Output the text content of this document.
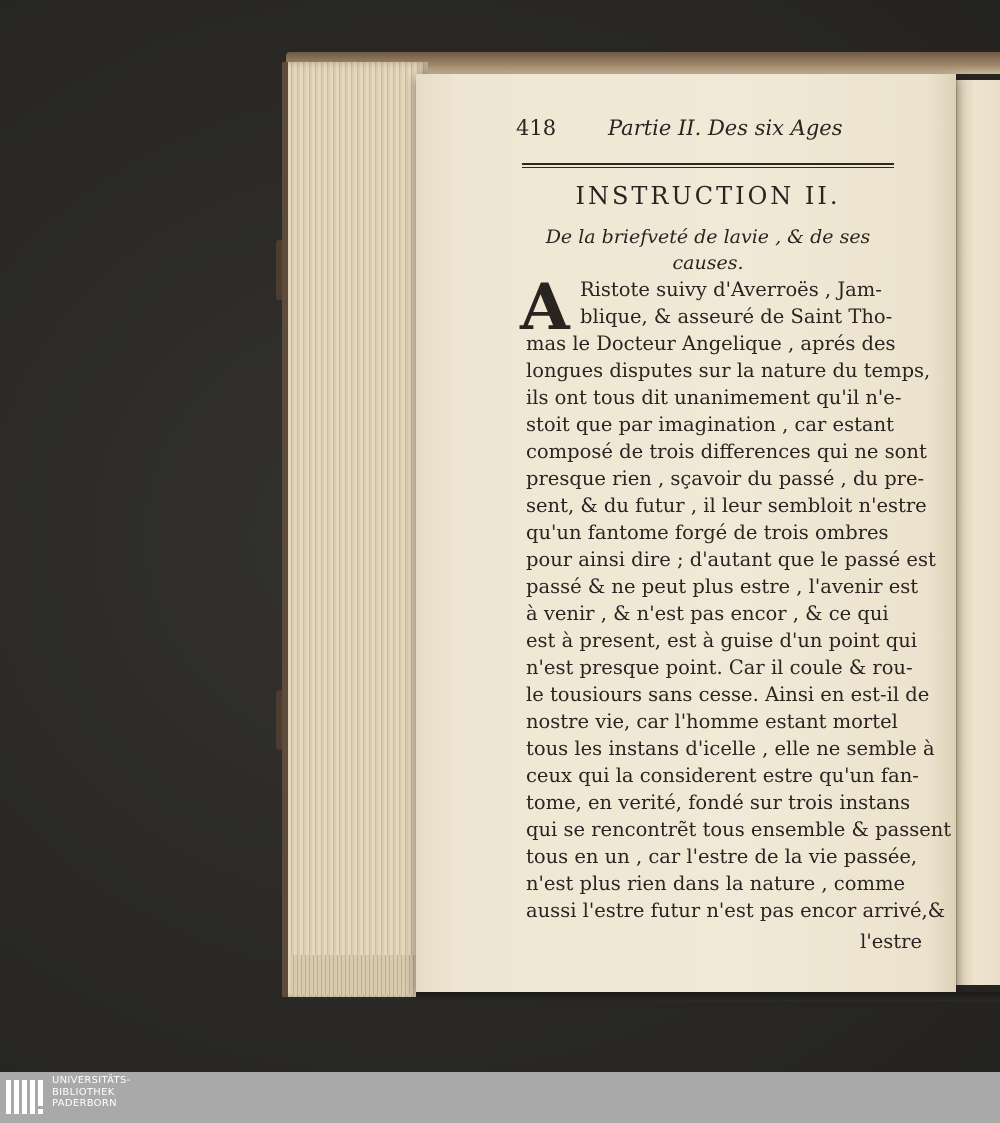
418 Partie II. Des six Ages
INSTRUCTION II.
De la briefveté de lavie , & de ses
causes.
A Ristote suivy d'Averroës , Jam-
blique, & asseuré de Saint Tho-
mas le Docteur Angelique , aprés des
longues disputes sur la nature du temps,
ils ont tous dit unanimement qu'il n'e-
stoit que par imagination , car estant
composé de trois differences qui ne sont
presque rien , sçavoir du passé , du pre-
sent, & du futur , il leur sembloit n'estre
qu'un fantome forgé de trois ombres
pour ainsi dire ; d'autant que le passé est
passé & ne peut plus estre , l'avenir est
à venir , & n'est pas encor , & ce qui
est à present, est à guise d'un point qui
n'est presque point. Car il coule & rou-
le tousiours sans cesse. Ainsi en est-il de
nostre vie, car l'homme estant mortel
tous les instans d'icelle , elle ne semble à
ceux qui la considerent estre qu'un fan-
tome, en verité, fondé sur trois instans
qui se rencontrẽt tous ensemble & passent
tous en un , car l'estre de la vie passée,
n'est plus rien dans la nature , comme
aussi l'estre futur n'est pas encor arrivé,&
l'estre
UNIVERSITÄTS-
BIBLIOTHEK
PADERBORN
